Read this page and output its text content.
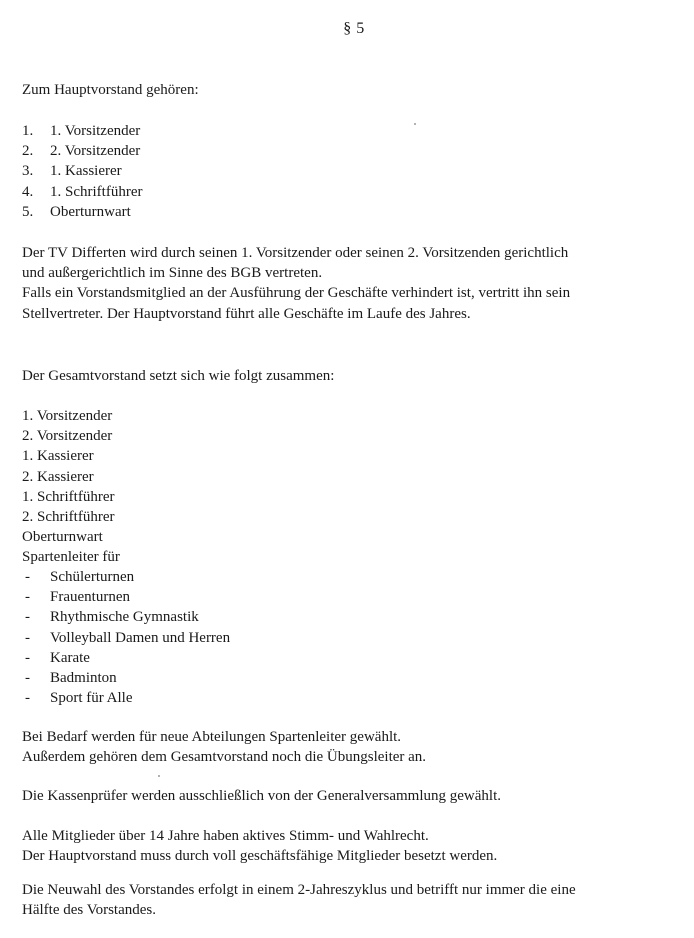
§ 5
Zum Hauptvorstand gehören:
1.	1. Vorsitzender
2.	2. Vorsitzender
3.	1. Kassierer
4.	1. Schriftführer
5.	Oberturnwart
Der TV Differten wird durch seinen 1. Vorsitzender oder seinen 2. Vorsitzenden gerichtlich
und außergerichtlich im Sinne des BGB vertreten.
Falls ein Vorstandsmitglied an der Ausführung der Geschäfte verhindert ist, vertritt ihn sein
Stellvertreter. Der Hauptvorstand führt alle Geschäfte im Laufe des Jahres.
Der Gesamtvorstand setzt sich wie folgt zusammen:
1. Vorsitzender
2. Vorsitzender
1. Kassierer
2. Kassierer
1. Schriftführer
2. Schriftführer
Oberturnwart
Spartenleiter für
-	Schülerturnen
-	Frauenturnen
-	Rhythmische Gymnastik
-	Volleyball Damen und Herren
-	Karate
-	Badminton
-	Sport für Alle
Bei Bedarf werden für neue Abteilungen Spartenleiter gewählt.
Außerdem gehören dem Gesamtvorstand noch die Übungsleiter an.
Die Kassenprüfer werden ausschließlich von der Generalversammlung gewählt.
Alle Mitglieder über 14 Jahre haben aktives Stimm- und Wahlrecht.
Der Hauptvorstand muss durch voll geschäftsfähige Mitglieder besetzt werden.
Die Neuwahl des Vorstandes erfolgt in einem 2-Jahreszyklus und betrifft nur immer die eine
Hälfte des Vorstandes.
